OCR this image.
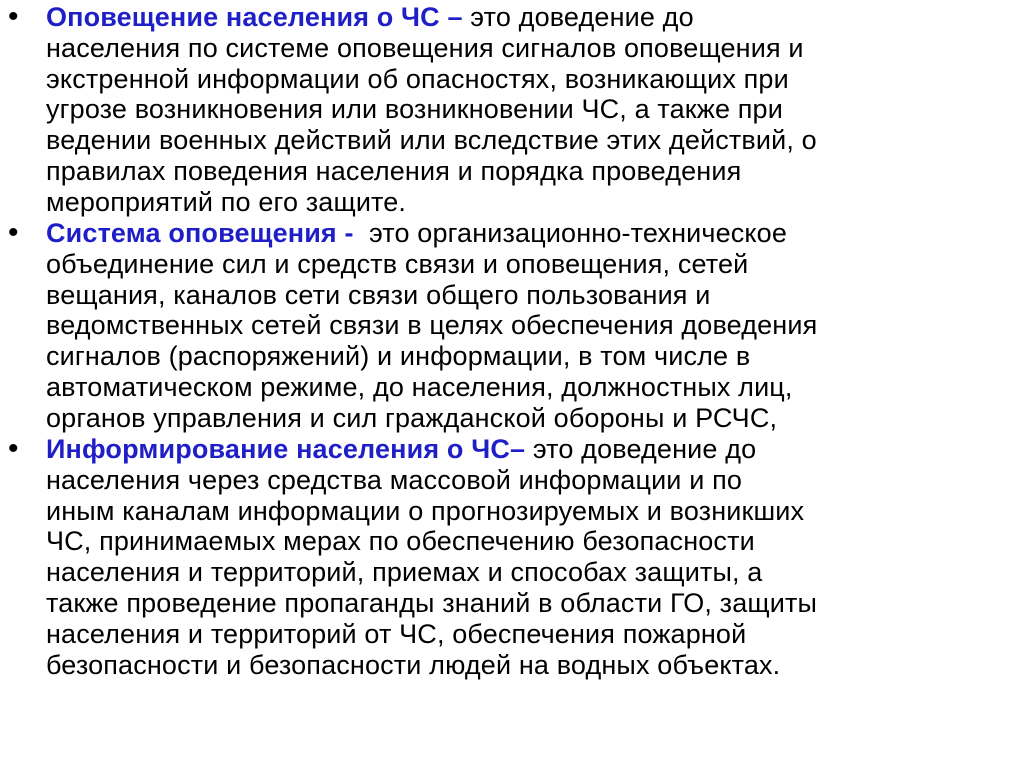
• Оповещение населения о ЧС – это доведение до
населения по системе оповещения сигналов оповещения и
экстренной информации об опасностях, возникающих при
угрозе возникновения или возникновении ЧС, а также при
ведении военных действий или вследствие этих действий, о
правилах поведения населения и порядка проведения
мероприятий по его защите.

• Система оповещения -  это организационно-техническое
объединение сил и средств связи и оповещения, сетей
вещания, каналов сети связи общего пользования и
ведомственных сетей связи в целях обеспечения доведения
сигналов (распоряжений) и информации, в том числе в
автоматическом режиме, до населения, должностных лиц,
органов управления и сил гражданской обороны и РСЧС,

• Информирование населения о ЧС– это доведение до
населения через средства массовой информации и по
иным каналам информации о прогнозируемых и возникших
ЧС, принимаемых мерах по обеспечению безопасности
населения и территорий, приемах и способах защиты, а
также проведение пропаганды знаний в области ГО, защиты
населения и территорий от ЧС, обеспечения пожарной
безопасности и безопасности людей на водных объектах.
